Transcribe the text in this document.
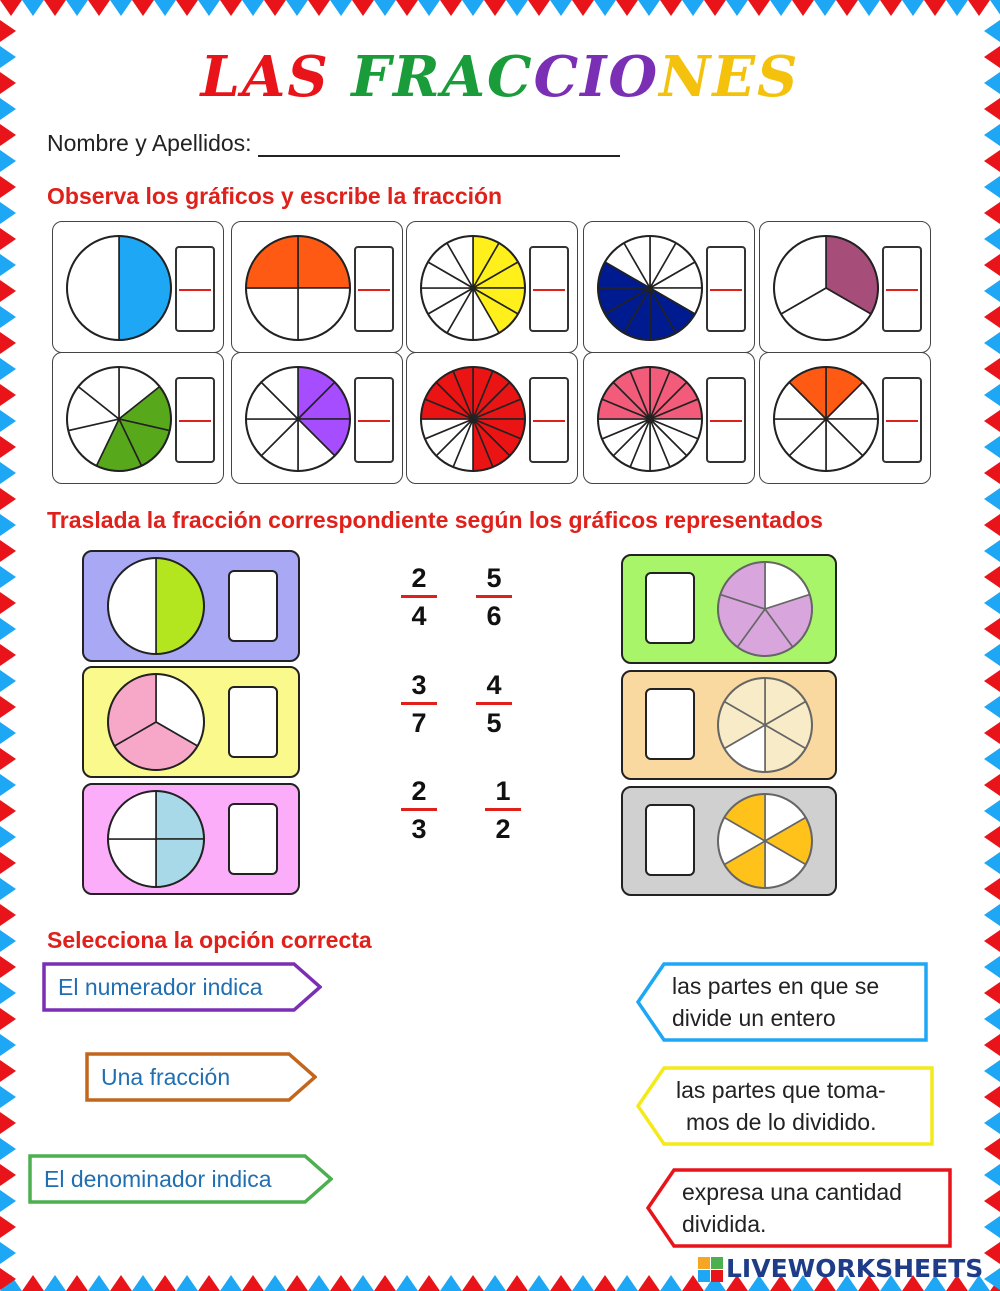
LAS FRACCIONES
Nombre y Apellidos:
Observa los gráficos y escribe la fracción
Traslada la fracción correspondiente según los gráficos representados
2
4
5
6
3
7
4
5
2
3
1
2
Selecciona la opción correcta
El numerador indica
Una fracción
El denominador indica
las partes en que se
divide un entero
las partes que toma-
mos de lo dividido.
expresa una cantidad
dividida.
LIVEWORKSHEETS
